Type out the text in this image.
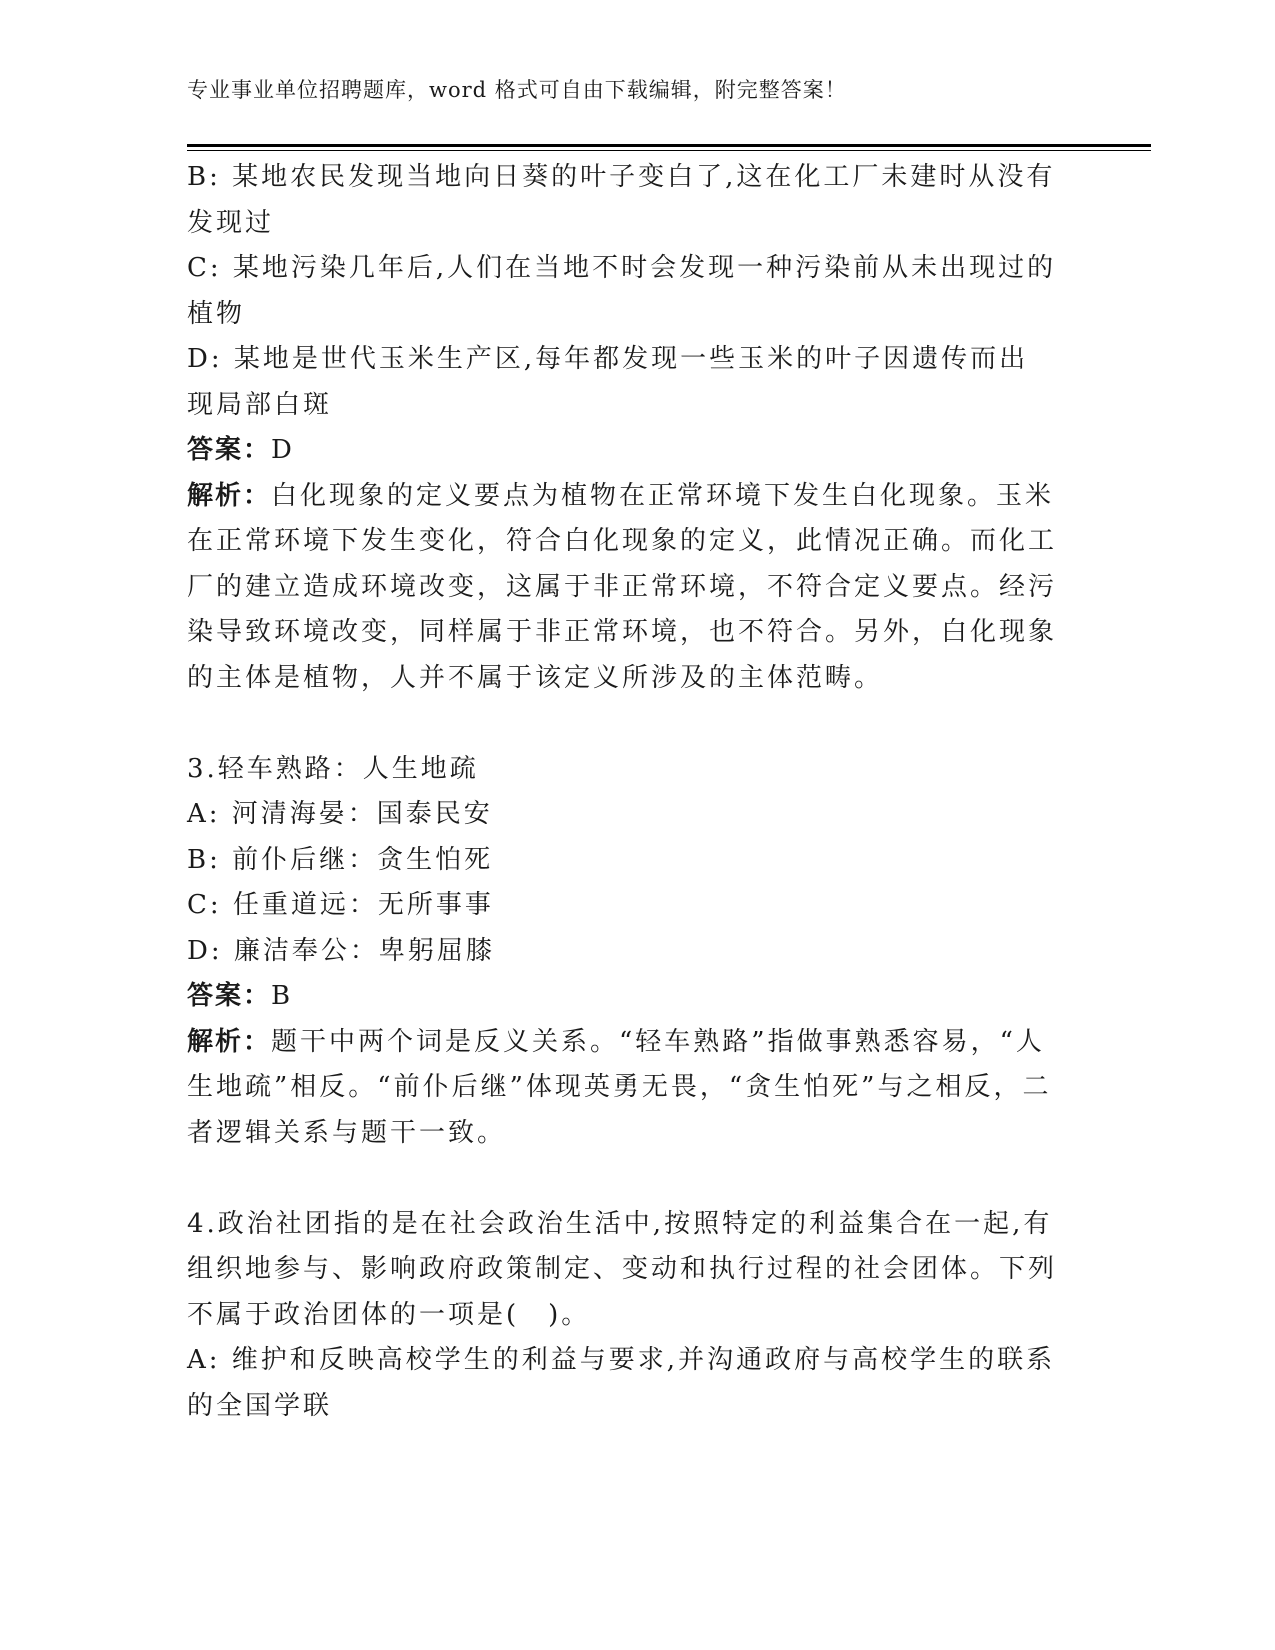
专业事业单位招聘题库，word 格式可自由下载编辑，附完整答案！

B: 某地农民发现当地向日葵的叶子变白了,这在化工厂未建时从没有发现过

C: 某地污染几年后,人们在当地不时会发现一种污染前从未出现过的植物

D: 某地是世代玉米生产区,每年都发现一些玉米的叶子因遗传而出现局部白斑

答案：D

解析：白化现象的定义要点为植物在正常环境下发生白化现象。玉米在正常环境下发生变化，符合白化现象的定义，此情况正确。而化工厂的建立造成环境改变，这属于非正常环境，不符合定义要点。经污染导致环境改变，同样属于非正常环境，也不符合。另外，白化现象的主体是植物，人并不属于该定义所涉及的主体范畴。

3.轻车熟路：人生地疏

A: 河清海晏：国泰民安

B: 前仆后继：贪生怕死

C: 任重道远：无所事事

D: 廉洁奉公：卑躬屈膝

答案：B

解析：题干中两个词是反义关系。“轻车熟路”指做事熟悉容易，“人生地疏”相反。“前仆后继”体现英勇无畏，“贪生怕死”与之相反，二者逻辑关系与题干一致。

4.政治社团指的是在社会政治生活中,按照特定的利益集合在一起,有组织地参与、影响政府政策制定、变动和执行过程的社会团体。下列不属于政治团体的一项是(　)。

A: 维护和反映高校学生的利益与要求,并沟通政府与高校学生的联系的全国学联
